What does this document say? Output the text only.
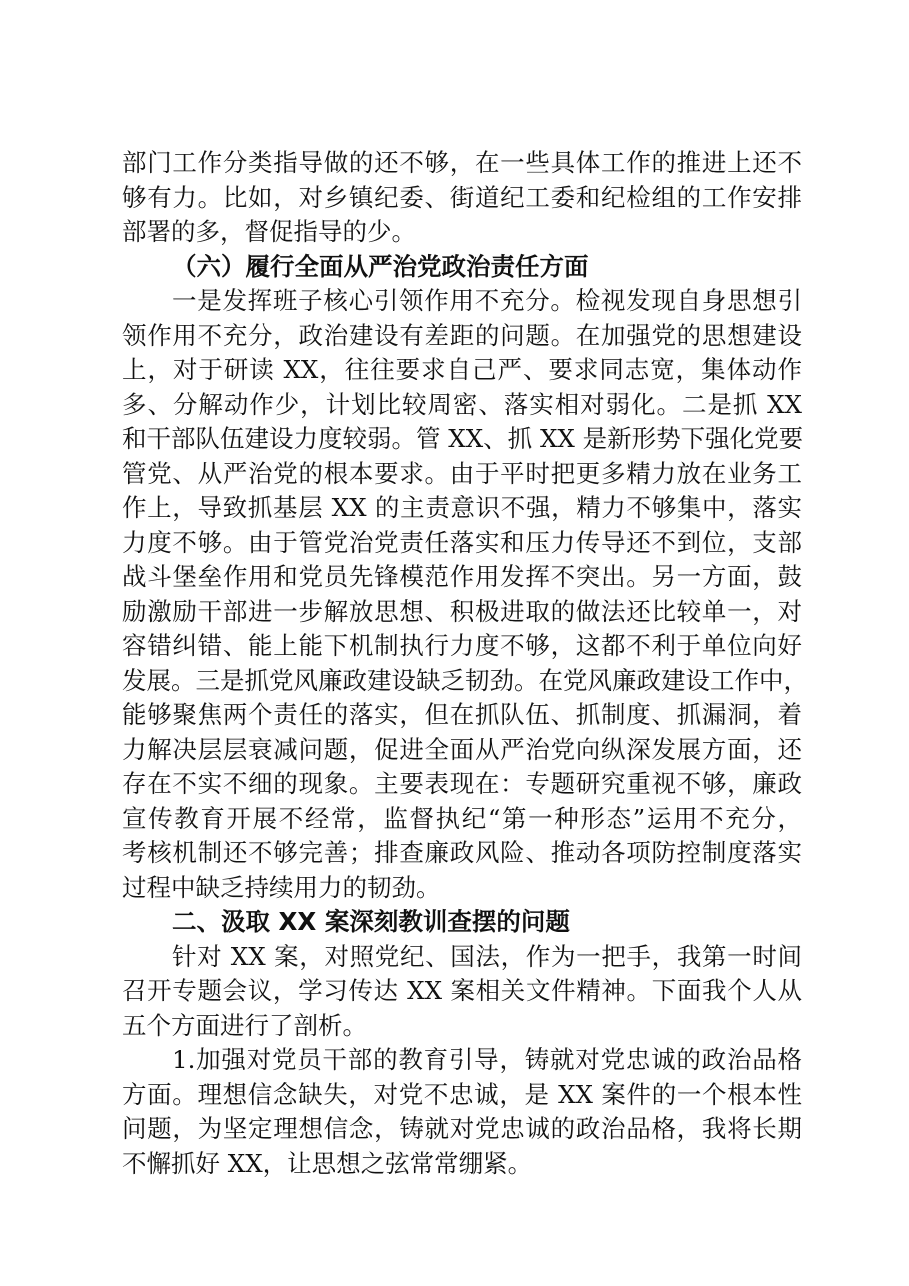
部门工作分类指导做的还不够，在一些具体工作的推进上还不
够有力。比如，对乡镇纪委、街道纪工委和纪检组的工作安排
部署的多，督促指导的少。
（六）履行全面从严治党政治责任方面
一是发挥班子核心引领作用不充分。检视发现自身思想引
领作用不充分，政治建设有差距的问题。在加强党的思想建设
上，对于研读 XX，往往要求自己严、要求同志宽，集体动作
多、分解动作少，计划比较周密、落实相对弱化。二是抓 XX
和干部队伍建设力度较弱。管 XX、抓 XX 是新形势下强化党要
管党、从严治党的根本要求。由于平时把更多精力放在业务工
作上，导致抓基层 XX 的主责意识不强，精力不够集中，落实
力度不够。由于管党治党责任落实和压力传导还不到位，支部
战斗堡垒作用和党员先锋模范作用发挥不突出。另一方面，鼓
励激励干部进一步解放思想、积极进取的做法还比较单一，对
容错纠错、能上能下机制执行力度不够，这都不利于单位向好
发展。三是抓党风廉政建设缺乏韧劲。在党风廉政建设工作中，
能够聚焦两个责任的落实，但在抓队伍、抓制度、抓漏洞，着
力解决层层衰减问题，促进全面从严治党向纵深发展方面，还
存在不实不细的现象。主要表现在：专题研究重视不够，廉政
宣传教育开展不经常，监督执纪“第一种形态”运用不充分，
考核机制还不够完善；排查廉政风险、推动各项防控制度落实
过程中缺乏持续用力的韧劲。
二、汲取 XX 案深刻教训查摆的问题
针对 XX 案，对照党纪、国法，作为一把手，我第一时间
召开专题会议，学习传达 XX 案相关文件精神。下面我个人从
五个方面进行了剖析。
1.加强对党员干部的教育引导，铸就对党忠诚的政治品格
方面。理想信念缺失，对党不忠诚，是 XX 案件的一个根本性
问题，为坚定理想信念，铸就对党忠诚的政治品格，我将长期
不懈抓好 XX，让思想之弦常常绷紧。
